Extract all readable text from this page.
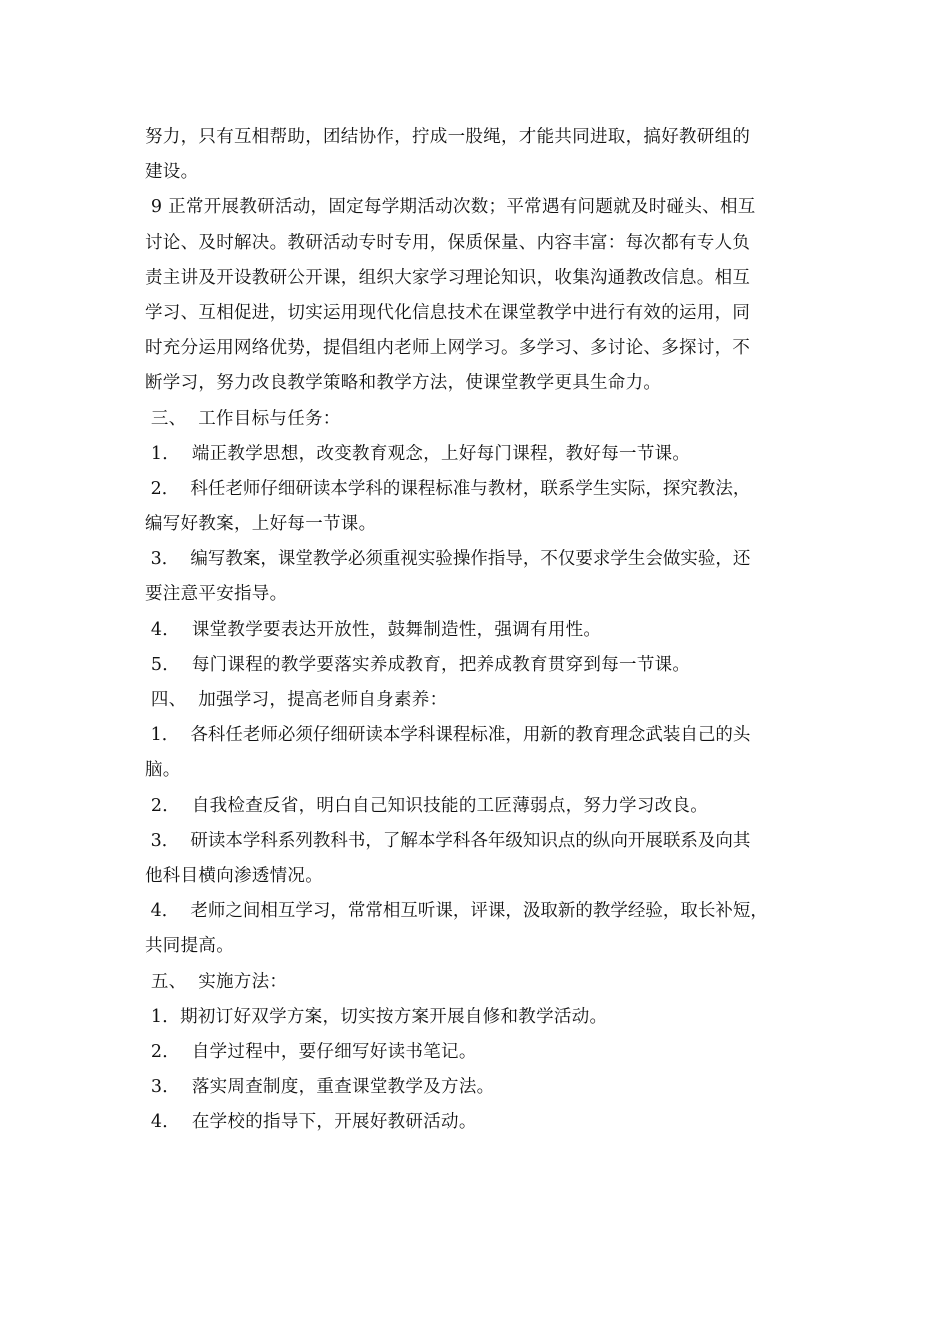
努力，只有互相帮助，团结协作，拧成一股绳，才能共同进取，搞好教研组的
建设。
9 正常开展教研活动，固定每学期活动次数；平常遇有问题就及时碰头、相互
讨论、及时解决。教研活动专时专用，保质保量、内容丰富：每次都有专人负
责主讲及开设教研公开课，组织大家学习理论知识，收集沟通教改信息。相互
学习、互相促进，切实运用现代化信息技术在课堂教学中进行有效的运用，同
时充分运用网络优势，提倡组内老师上网学习。多学习、多讨论、多探讨，不
断学习，努力改良教学策略和教学方法，使课堂教学更具生命力。
三、  工作目标与任务：
1．  端正教学思想，改变教育观念，上好每门课程，教好每一节课。
2．  科任老师仔细研读本学科的课程标准与教材，联系学生实际，探究教法，
编写好教案，上好每一节课。
3．  编写教案，课堂教学必须重视实验操作指导，不仅要求学生会做实验，还
要注意平安指导。
4．  课堂教学要表达开放性，鼓舞制造性，强调有用性。
5．  每门课程的教学要落实养成教育，把养成教育贯穿到每一节课。
四、  加强学习，提高老师自身素养：
1．  各科任老师必须仔细研读本学科课程标准，用新的教育理念武装自己的头
脑。
2．  自我检查反省，明白自己知识技能的工匠薄弱点，努力学习改良。
3．  研读本学科系列教科书，了解本学科各年级知识点的纵向开展联系及向其
他科目横向渗透情况。
4．  老师之间相互学习，常常相互听课，评课，汲取新的教学经验，取长补短，
共同提高。
五、  实施方法：
1．期初订好双学方案，切实按方案开展自修和教学活动。
2．  自学过程中，要仔细写好读书笔记。
3．  落实周查制度，重查课堂教学及方法。
4．  在学校的指导下，开展好教研活动。
